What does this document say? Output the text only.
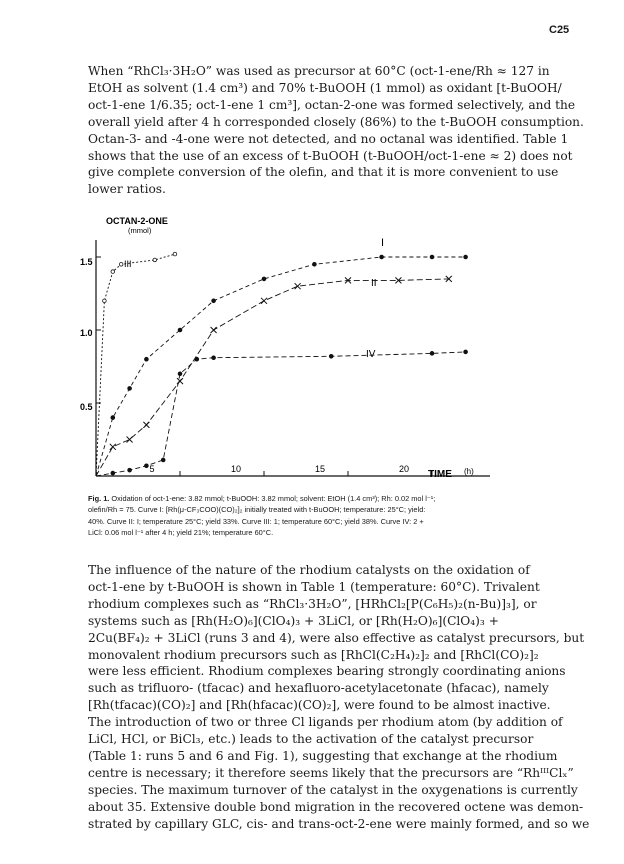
C25

When “RhCl₃·3H₂O” was used as precursor at 60°C (oct-1-ene/Rh ≈ 127 in
EtOH as solvent (1.4 cm³) and 70% t-BuOOH (1 mmol) as oxidant [t-BuOOH/
oct-1-ene 1/6.35; oct-1-ene 1 cm³], octan-2-one was formed selectively, and the
overall yield after 4 h corresponded closely (86%) to the t-BuOOH consumption.
Octan-3- and -4-one were not detected, and no octanal was identified. Table 1
shows that the use of an excess of t-BuOOH (t-BuOOH/oct-1-ene ≈ 2) does not
give complete conversion of the olefin, and that it is more convenient to use
lower ratios.

OCTAN-2-ONE
(mmol)
1.5
1.0
0.5
5	10	15	20 TIME (h)
I
II
III
IV
Fig. 1. Oxidation of oct-1-ene: 3.82 mmol; t-BuOOH: 3.82 mmol; solvent: EtOH (1.4 cm³); Rh: 0.02 mol l⁻¹;
olefin/Rh = 75. Curve I: [Rh(μ-CF₃COO)(CO)₂]₂ initially treated with t-BuOOH; temperature: 25°C; yield:
40%. Curve II: I; temperature 25°C; yield 33%. Curve III: 1; temperature 60°C; yield 38%. Curve IV: 2 +
LiCl: 0.06 mol l⁻¹ after 4 h; yield 21%; temperature 60°C.

The influence of the nature of the rhodium catalysts on the oxidation of
oct-1-ene by t-BuOOH is shown in Table 1 (temperature: 60°C). Trivalent
rhodium complexes such as “RhCl₃·3H₂O”, [HRhCl₂[P(C₆H₅)₂(n-Bu)]₃], or
systems such as [Rh(H₂O)₆](ClO₄)₃ + 3LiCl, or [Rh(H₂O)₆](ClO₄)₃ +
2Cu(BF₄)₂ + 3LiCl (runs 3 and 4), were also effective as catalyst precursors, but
monovalent rhodium precursors such as [RhCl(C₂H₄)₂]₂ and [RhCl(CO)₂]₂
were less efficient. Rhodium complexes bearing strongly coordinating anions
such as trifluoro- (tfacac) and hexafluoro-acetylacetonate (hfacac), namely
[Rh(tfacac)(CO)₂] and [Rh(hfacac)(CO)₂], were found to be almost inactive.
The introduction of two or three Cl ligands per rhodium atom (by addition of
LiCl, HCl, or BiCl₃, etc.) leads to the activation of the catalyst precursor
(Table 1: runs 5 and 6 and Fig. 1), suggesting that exchange at the rhodium
centre is necessary; it therefore seems likely that the precursors are “RhᴵᴵᴵClₓ”
species. The maximum turnover of the catalyst in the oxygenations is currently
about 35. Extensive double bond migration in the recovered octene was demon-
strated by capillary GLC, cis- and trans-oct-2-ene were mainly formed, and so we
